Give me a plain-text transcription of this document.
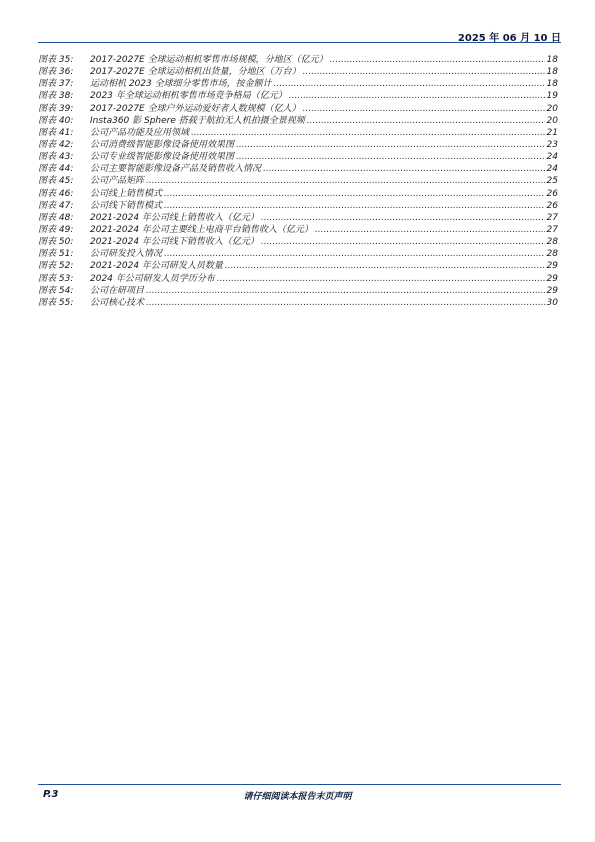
2025 年 06 月 10 日
图表 35:	2017-2027E 全球运动相机零售市场规模，分地区（亿元） .....	18
图表 36:	2017-2027E 全球运动相机出货量，分地区（万台） .....	18
图表 37:	运动相机 2023 全球细分零售市场，按金额计 .....	18
图表 38:	2023 年全球运动相机零售市场竞争格局（亿元） .....	19
图表 39:	2017-2027E 全球户外运动爱好者人数规模（亿人） .....	20
图表 40:	Insta360 影 Sphere 搭载于航拍无人机拍摄全景视频 .....	20
图表 41:	公司产品功能及应用领域 .....	21
图表 42:	公司消费级智能影像设备使用效果图 .....	23
图表 43:	公司专业级智能影像设备使用效果图 .....	24
图表 44:	公司主要智能影像设备产品及销售收入情况 .....	24
图表 45:	公司产品矩阵 .....	25
图表 46:	公司线上销售模式 .....	26
图表 47:	公司线下销售模式 .....	26
图表 48:	2021-2024 年公司线上销售收入（亿元） .....	27
图表 49:	2021-2024 年公司主要线上电商平台销售收入（亿元） .....	27
图表 50:	2021-2024 年公司线下销售收入（亿元） .....	28
图表 51:	公司研发投入情况 .....	28
图表 52:	2021-2024 年公司研发人员数量 .....	29
图表 53:	2024 年公司研发人员学历分布 .....	29
图表 54:	公司在研项目 .....	29
图表 55:	公司核心技术 .....	30
P.3	请仔细阅读本报告末页声明
